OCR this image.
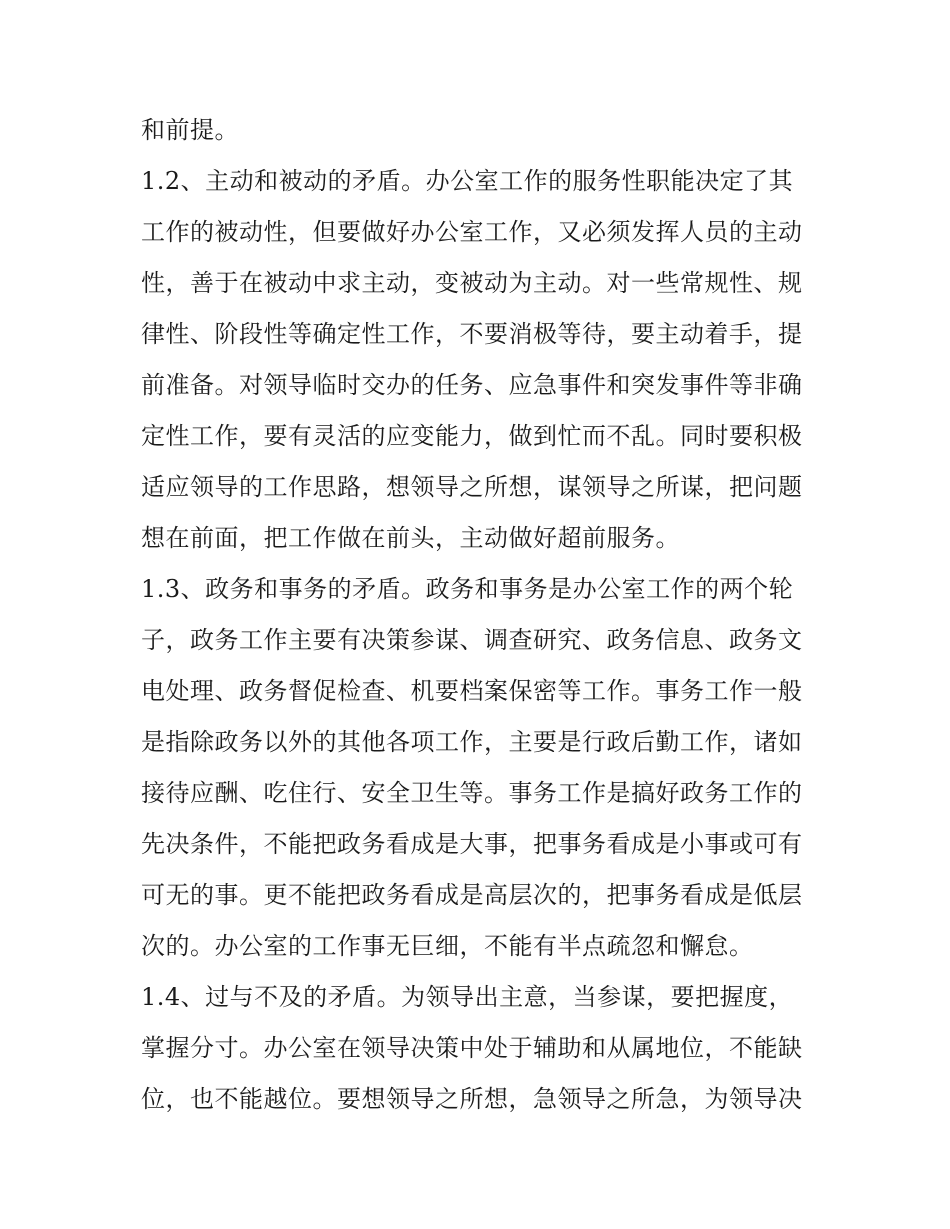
和前提。
1.2、主动和被动的矛盾。办公室工作的服务性职能决定了其
工作的被动性，但要做好办公室工作，又必须发挥人员的主动
性，善于在被动中求主动，变被动为主动。对一些常规性、规
律性、阶段性等确定性工作，不要消极等待，要主动着手，提
前准备。对领导临时交办的任务、应急事件和突发事件等非确
定性工作，要有灵活的应变能力，做到忙而不乱。同时要积极
适应领导的工作思路，想领导之所想，谋领导之所谋，把问题
想在前面，把工作做在前头，主动做好超前服务。
1.3、政务和事务的矛盾。政务和事务是办公室工作的两个轮
子，政务工作主要有决策参谋、调查研究、政务信息、政务文
电处理、政务督促检查、机要档案保密等工作。事务工作一般
是指除政务以外的其他各项工作，主要是行政后勤工作，诸如
接待应酬、吃住行、安全卫生等。事务工作是搞好政务工作的
先决条件，不能把政务看成是大事，把事务看成是小事或可有
可无的事。更不能把政务看成是高层次的，把事务看成是低层
次的。办公室的工作事无巨细，不能有半点疏忽和懈怠。
1.4、过与不及的矛盾。为领导出主意，当参谋，要把握度，
掌握分寸。办公室在领导决策中处于辅助和从属地位，不能缺
位，也不能越位。要想领导之所想，急领导之所急，为领导决
